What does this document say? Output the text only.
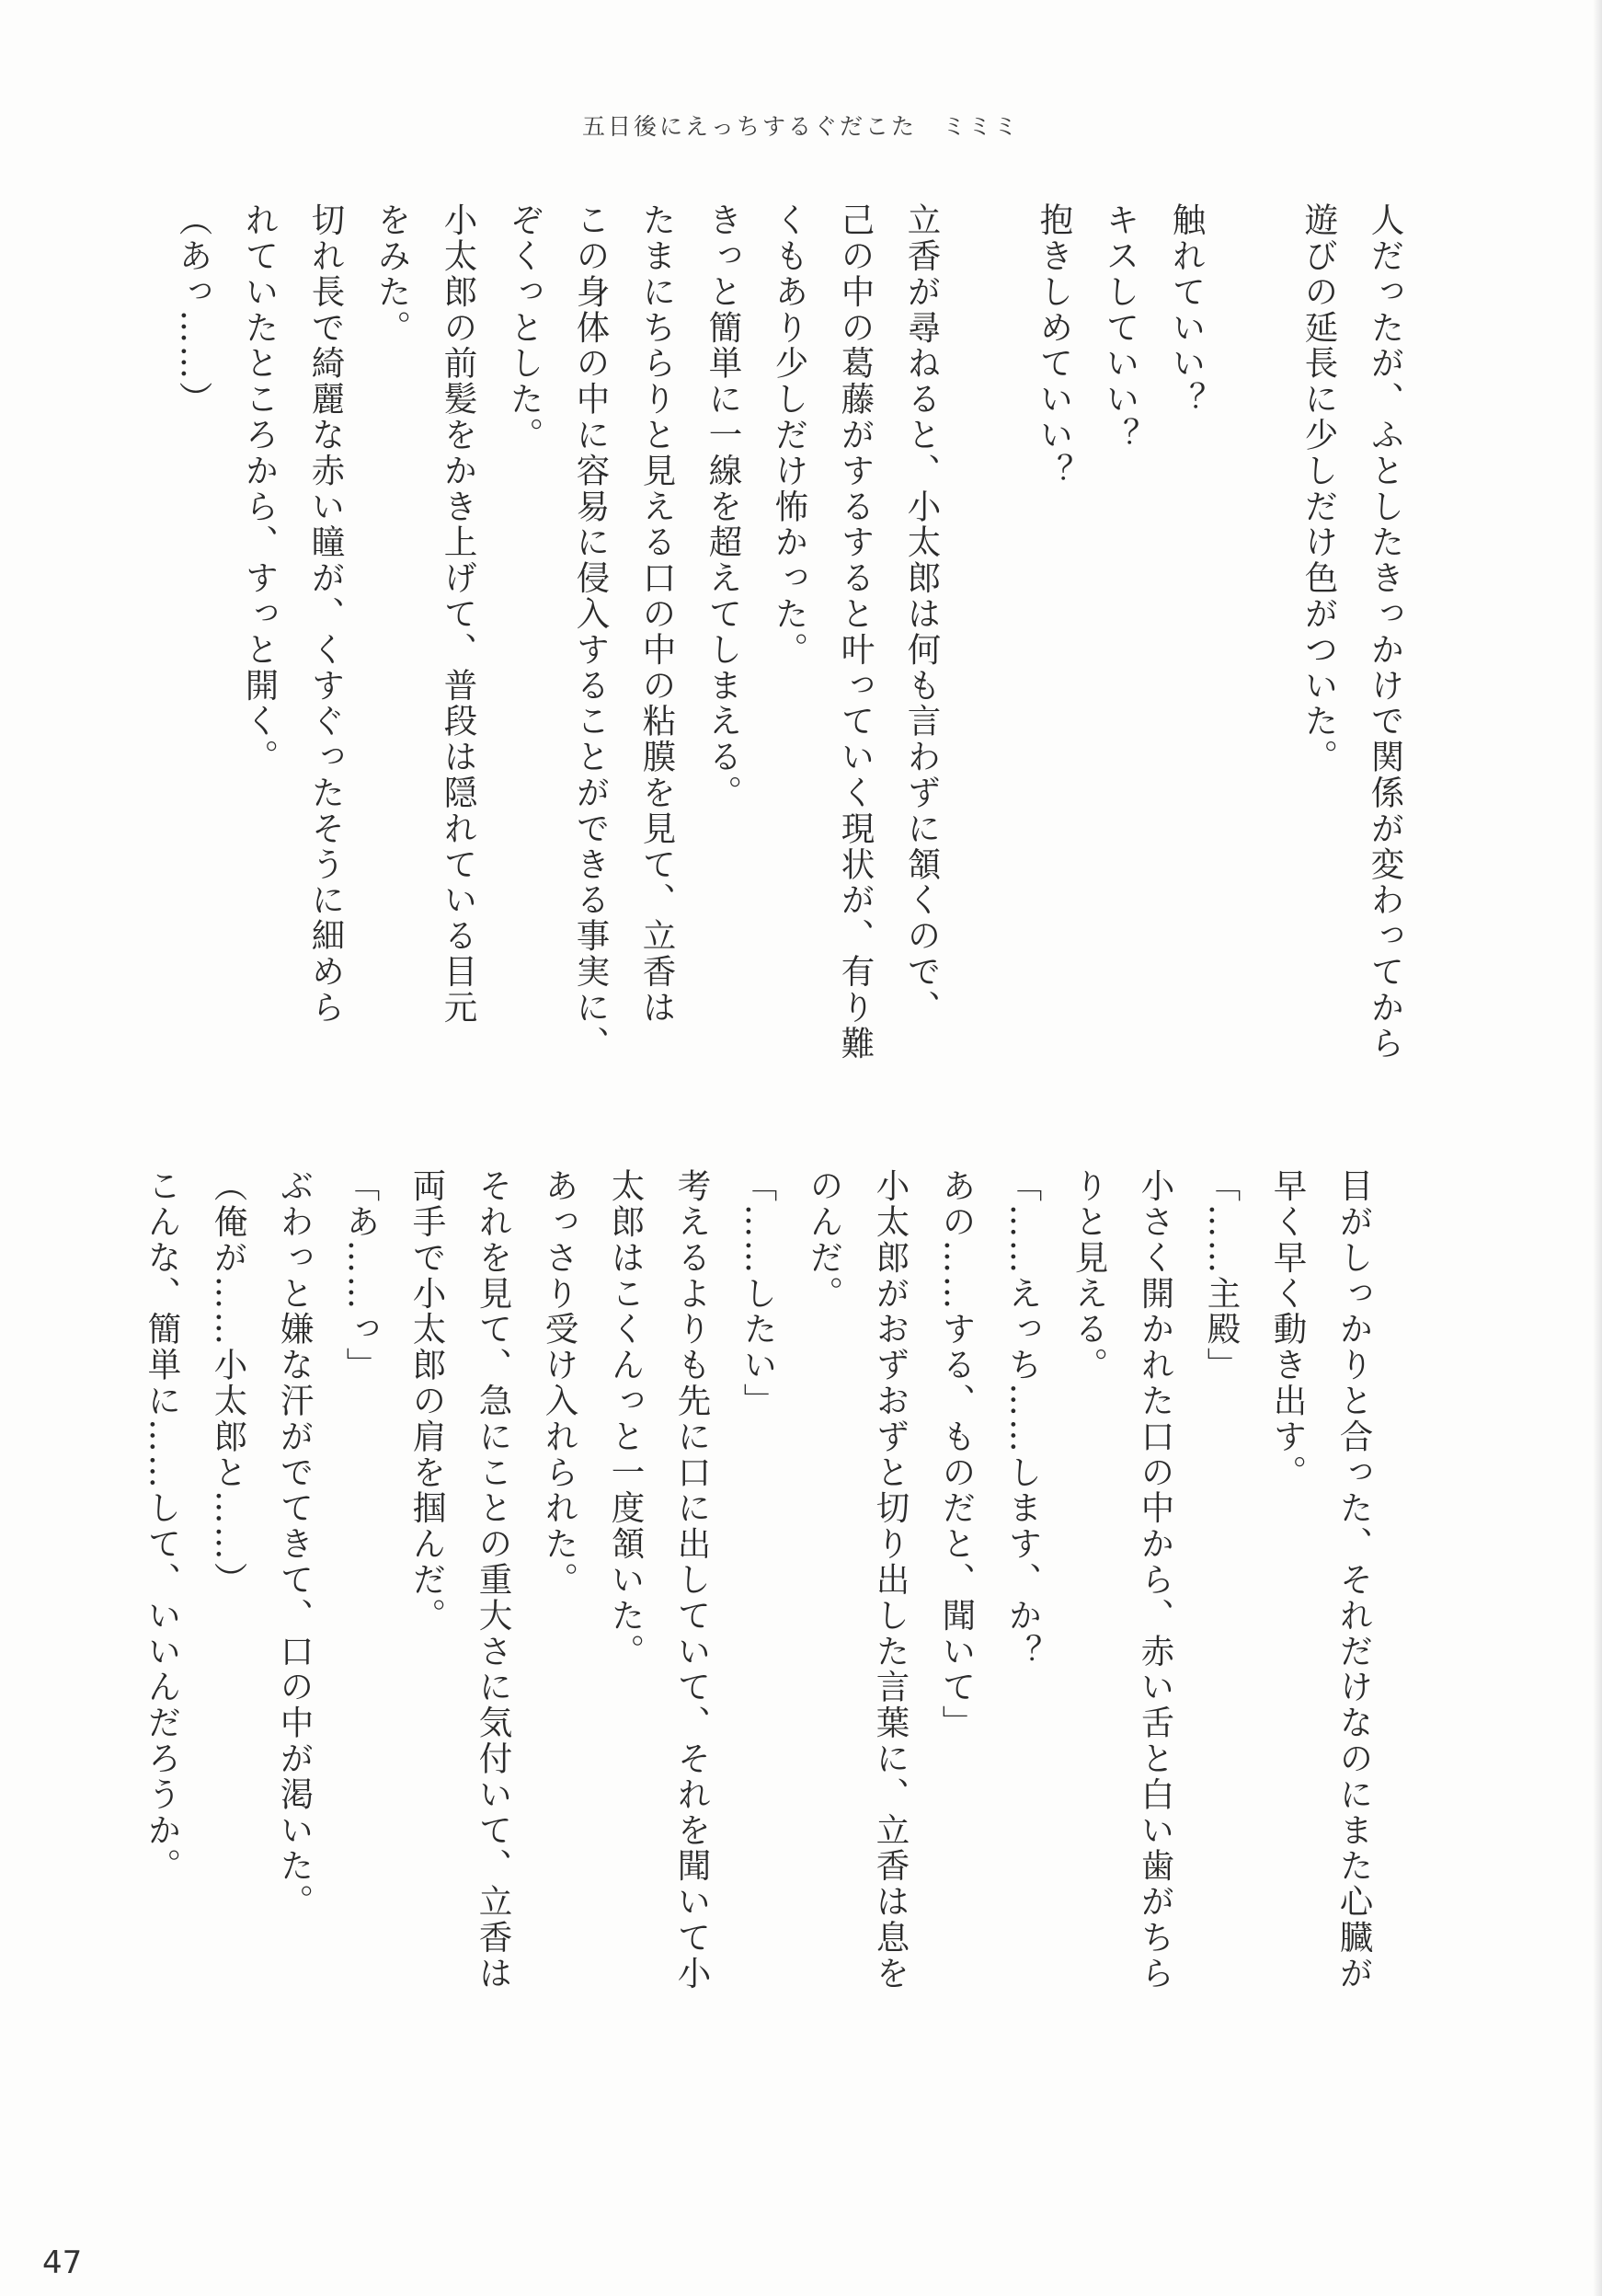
五日後にえっちするぐだこた　ミミミ
人だったが、ふとしたきっかけで関係が変わってから
遊びの延長に少しだけ色がついた。
触れていい？
キスしていい？
抱きしめていい？
立香が尋ねると、小太郎は何も言わずに頷くので、
己の中の葛藤がするすると叶っていく現状が、有り難
くもあり少しだけ怖かった。
きっと簡単に一線を超えてしまえる。
たまにちらりと見える口の中の粘膜を見て、立香は
この身体の中に容易に侵入することができる事実に、
ぞくっとした。
小太郎の前髪をかき上げて、普段は隠れている目元
をみた。
切れ長で綺麗な赤い瞳が、くすぐったそうに細めら
れていたところから、すっと開く。
（あっ……）
目がしっかりと合った、それだけなのにまた心臓が
早く早く動き出す。
「……主殿」
小さく開かれた口の中から、赤い舌と白い歯がちら
りと見える。
「……えっち……します、か？
あの……する、ものだと、聞いて」
小太郎がおずおずと切り出した言葉に、立香は息を
のんだ。
「……したい」
考えるよりも先に口に出していて、それを聞いて小
太郎はこくんっと一度頷いた。
あっさり受け入れられた。
それを見て、急にことの重大さに気付いて、立香は
両手で小太郎の肩を掴んだ。
「あ……っ」
ぶわっと嫌な汗がでてきて、口の中が渇いた。
（俺が……小太郎と……）
こんな、簡単に……して、いいんだろうか。
47
